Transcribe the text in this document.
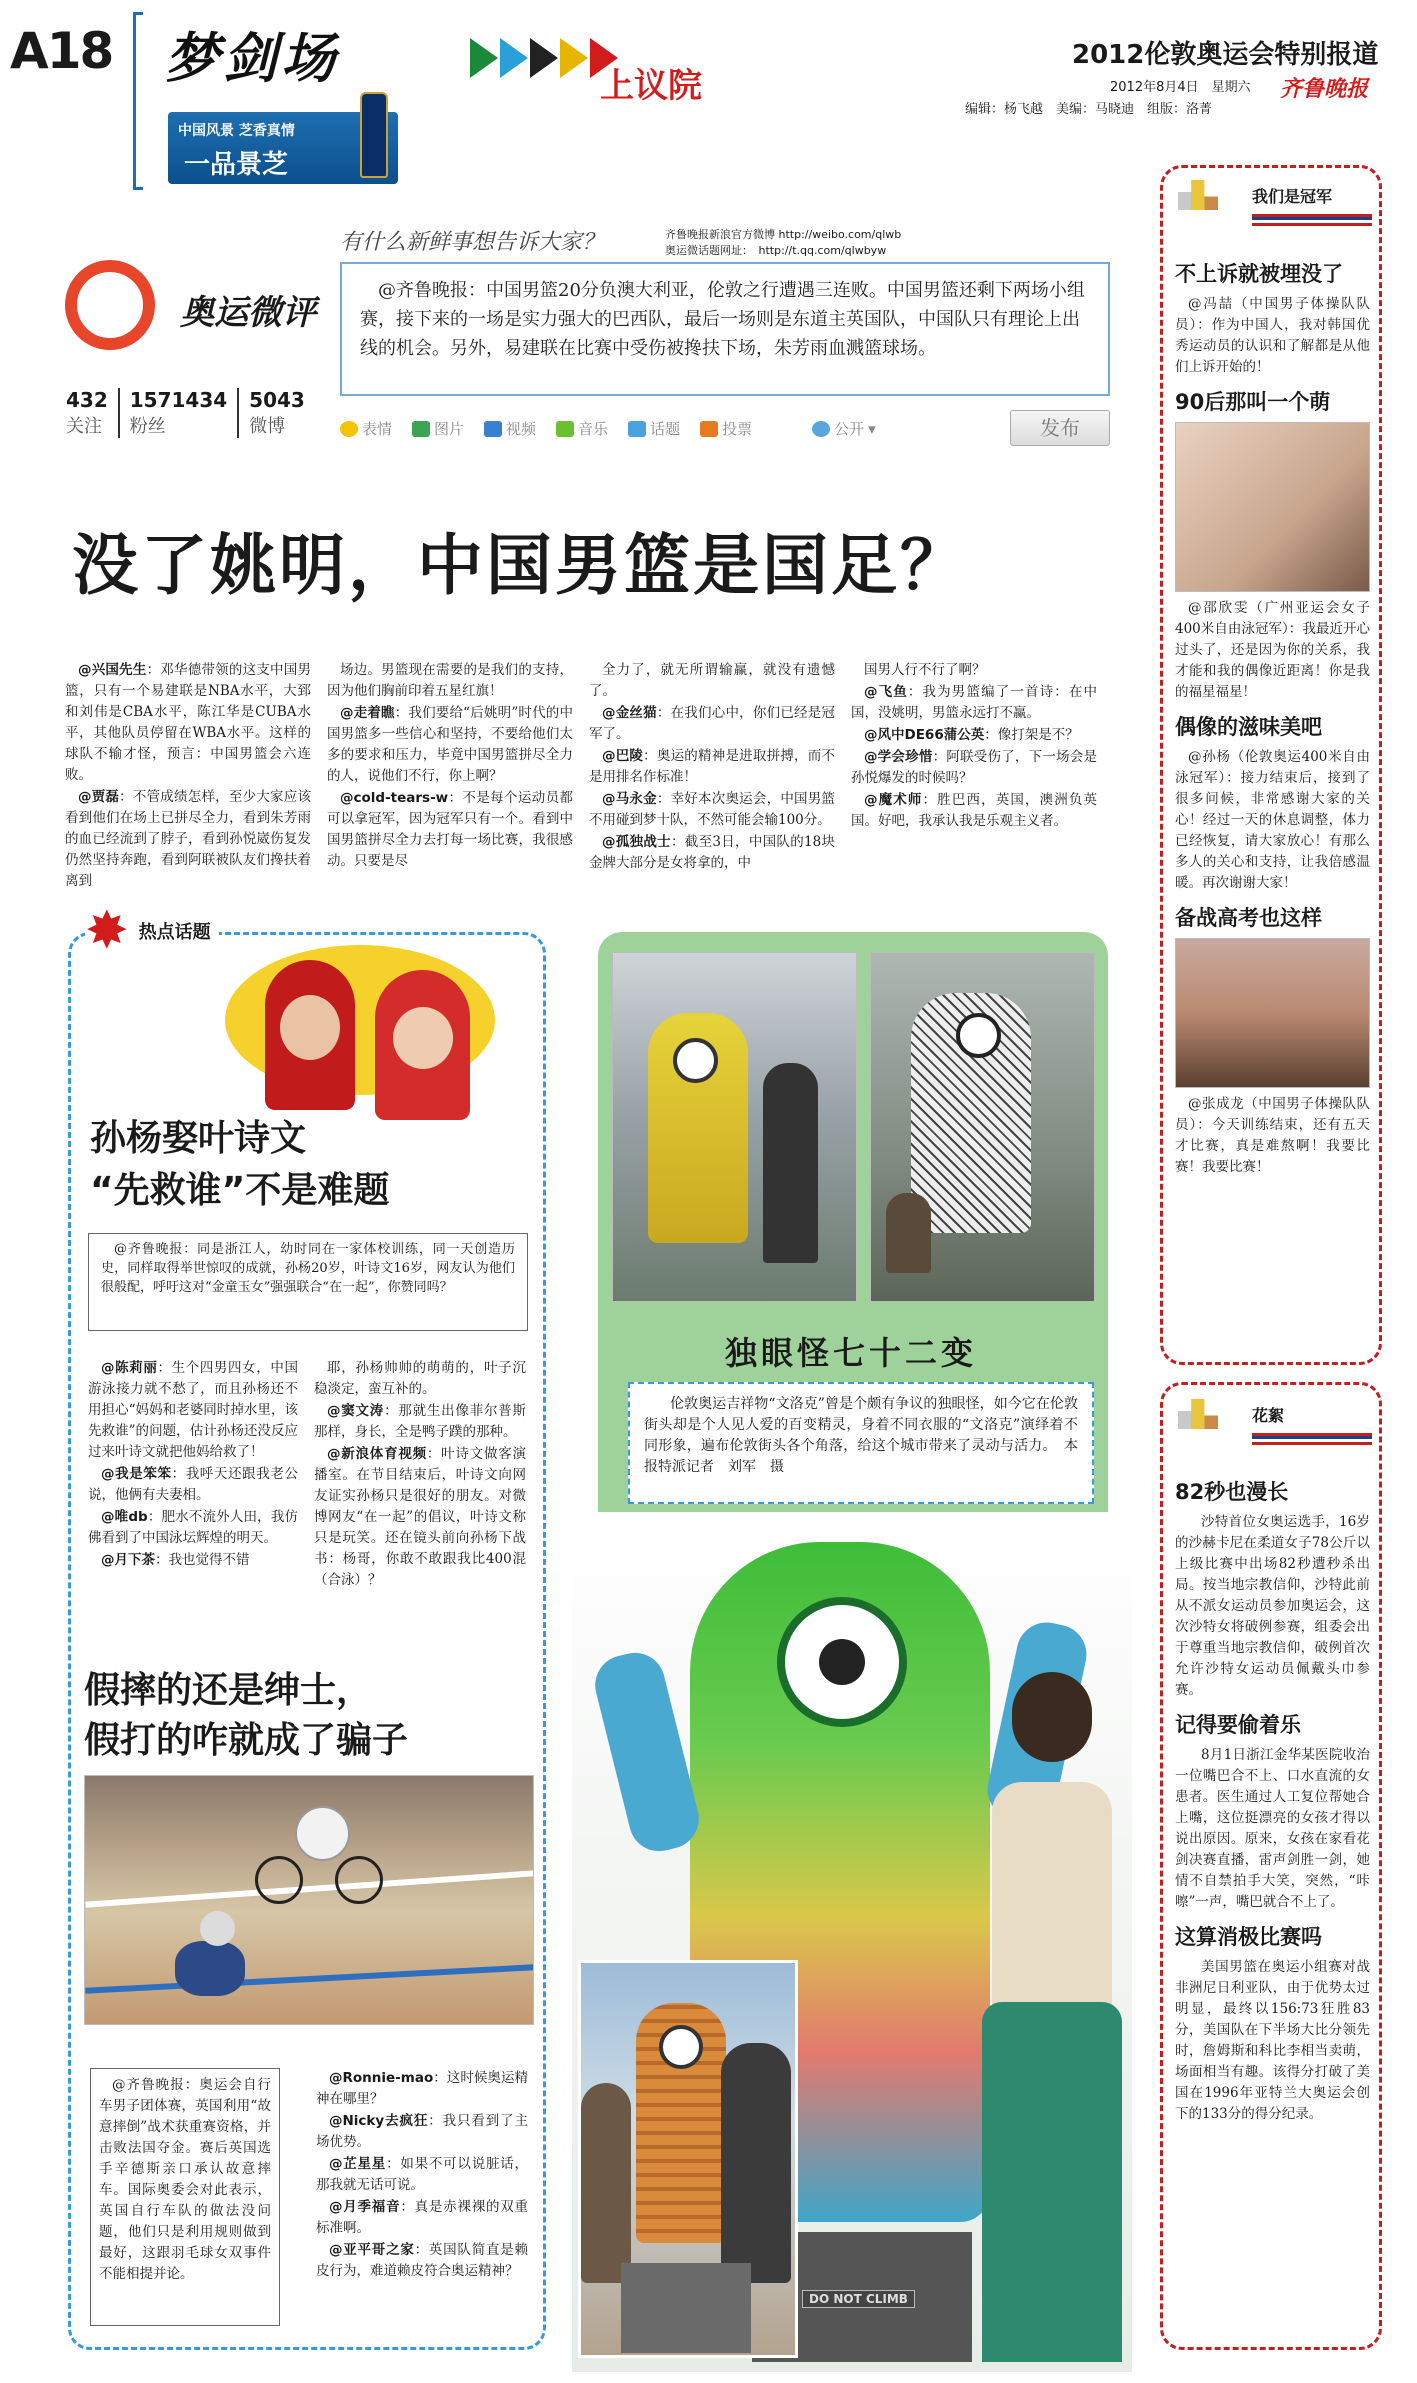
A18 梦剑场	上议院
中国风景 芝香真情
一品景芝
2012伦敦奥运会特别报道
2012年8月4日　星期六 齐鲁晚报
编辑：杨飞越　美编：马晓迪　组版：洛菁
有什么新鲜事想告诉大家？	齐鲁晚报新浪官方微博 http://weibo.com/qlwb
奥运微话题网址：　http://t.qq.com/qlwbyw
奥运微评
432
关注
1571434
粉丝
5043
微博
@齐鲁晚报：中国男篮20分负澳大利亚，伦敦之行遭遇三连败。中国男篮还剩下两场小组赛，接下来的一场是实力强大的巴西队，最后一场则是东道主英国队，中国队只有理论上出线的机会。另外，易建联在比赛中受伤被搀扶下场，朱芳雨血溅篮球场。
表情	图片	视频	音乐	话题	投票	公开 ▾	发布
没了姚明，中国男篮是国足？

@兴国先生：邓华德带领的这支中国男篮，只有一个易建联是NBA水平，大郅和刘伟是CBA水平，陈江华是CUBA水平，其他队员停留在WBA水平。这样的球队不输才怪，预言：中国男篮会六连败。

@贾磊：不管成绩怎样，至少大家应该看到他们在场上已拼尽全力，看到朱芳雨的血已经流到了脖子，看到孙悦崴伤复发仍然坚持奔跑，看到阿联被队友们搀扶着离到

场边。男篮现在需要的是我们的支持，因为他们胸前印着五星红旗！

@走着瞧：我们要给“后姚明”时代的中国男篮多一些信心和坚持，不要给他们太多的要求和压力，毕竟中国男篮拼尽全力的人，说他们不行，你上啊？

@cold-tears-w：不是每个运动员都可以拿冠军，因为冠军只有一个。看到中国男篮拼尽全力去打每一场比赛，我很感动。只要是尽

全力了，就无所谓输赢，就没有遗憾了。

@金丝猫：在我们心中，你们已经是冠军了。

@巴陵：奥运的精神是进取拼搏，而不是用排名作标准！

@马永金：幸好本次奥运会，中国男篮不用碰到梦十队，不然可能会输100分。

@孤独战士：截至3日，中国队的18块金牌大部分是女将拿的，中

国男人行不行了啊？

@飞鱼：我为男篮编了一首诗：在中国，没姚明，男篮永远打不赢。

@风中DE66蒲公英：像打架是不？

@学会珍惜：阿联受伤了，下一场会是孙悦爆发的时候吗？

@魔术师：胜巴西，英国，澳洲负英国。好吧，我承认我是乐观主义者。

✸ 热点话题
孙杨娶叶诗文
“先救谁”不是难题

@齐鲁晚报：同是浙江人，幼时同在一家体校训练，同一天创造历史，同样取得举世惊叹的成就，孙杨20岁，叶诗文16岁，网友认为他们很般配，呼吁这对“金童玉女”强强联合“在一起”，你赞同吗？

@陈莉丽：生个四男四女，中国游泳接力就不愁了，而且孙杨还不用担心“妈妈和老婆同时掉水里，该先救谁”的问题，估计孙杨还没反应过来叶诗文就把他妈给救了！

@我是笨笨：我呼天还跟我老公说，他俩有夫妻相。

@唯db：肥水不流外人田，我仿佛看到了中国泳坛辉煌的明天。

@月下茶：我也觉得不错

耶，孙杨帅帅的萌萌的，叶子沉稳淡定，蛮互补的。

@窦文涛：那就生出像菲尔普斯那样，身长，全是鸭子蹼的那种。

@新浪体育视频：叶诗文做客演播室。在节目结束后，叶诗文向网友证实孙杨只是很好的朋友。对微博网友“在一起”的倡议，叶诗文称只是玩笑。还在镜头前向孙杨下战书：杨哥，你敢不敢跟我比400混（合泳）？

假摔的还是绅士，
假打的咋就成了骗子

@齐鲁晚报：奥运会自行车男子团体赛，英国利用“故意摔倒”战术获重赛资格，并击败法国夺金。赛后英国选手辛德斯亲口承认故意摔车。国际奥委会对此表示，英国自行车队的做法没问题，他们只是利用规则做到最好，这跟羽毛球女双事件不能相提并论。

@Ronnie-mao：这时候奥运精神在哪里？

@Nicky去疯狂：我只看到了主场优势。

@芷星星：如果不可以说脏话，那我就无话可说。

@月季福音：真是赤裸裸的双重标准啊。

@亚平哥之家：英国队简直是赖皮行为，难道赖皮符合奥运精神？

独眼怪七十二变

伦敦奥运吉祥物“文洛克”曾是个颇有争议的独眼怪，如今它在伦敦街头却是个人见人爱的百变精灵，身着不同衣服的“文洛克”演绎着不同形象，遍布伦敦街头各个角落，给这个城市带来了灵动与活力。　本报特派记者　刘军　摄

DO NOT CLIMB
我们是冠军
不上诉就被埋没了
@冯喆（中国男子体操队队员）：作为中国人，我对韩国优秀运动员的认识和了解都是从他们上诉开始的！
90后那叫一个萌
@邵欣雯（广州亚运会女子400米自由泳冠军）：我最近开心过头了，还是因为你的关系，我才能和我的偶像近距离！你是我的福星福星！
偶像的滋味美吧
@孙杨（伦敦奥运400米自由泳冠军）：接力结束后，接到了很多问候，非常感谢大家的关心！经过一天的休息调整，体力已经恢复，请大家放心！有那么多人的关心和支持，让我倍感温暖。再次谢谢大家！
备战高考也这样
@张成龙（中国男子体操队队员）：今天训练结束，还有五天才比赛，真是难熬啊！我要比赛！我要比赛！
花絮
82秒也漫长
沙特首位女奥运选手，16岁的沙赫卡尼在柔道女子78公斤以上级比赛中出场82秒遭秒杀出局。按当地宗教信仰，沙特此前从不派女运动员参加奥运会，这次沙特女将破例参赛，组委会出于尊重当地宗教信仰，破例首次允许沙特女运动员佩戴头巾参赛。
记得要偷着乐
8月1日浙江金华某医院收治一位嘴巴合不上、口水直流的女患者。医生通过人工复位帮她合上嘴，这位挺漂亮的女孩才得以说出原因。原来，女孩在家看花剑决赛直播，雷声剑胜一剑，她情不自禁拍手大笑，突然，“咔嚓”一声，嘴巴就合不上了。
这算消极比赛吗
美国男篮在奥运小组赛对战非洲尼日利亚队，由于优势太过明显，最终以156:73狂胜83分，美国队在下半场大比分领先时，詹姆斯和科比李相当卖萌，场面相当有趣。该得分打破了美国在1996年亚特兰大奥运会创下的133分的得分纪录。
